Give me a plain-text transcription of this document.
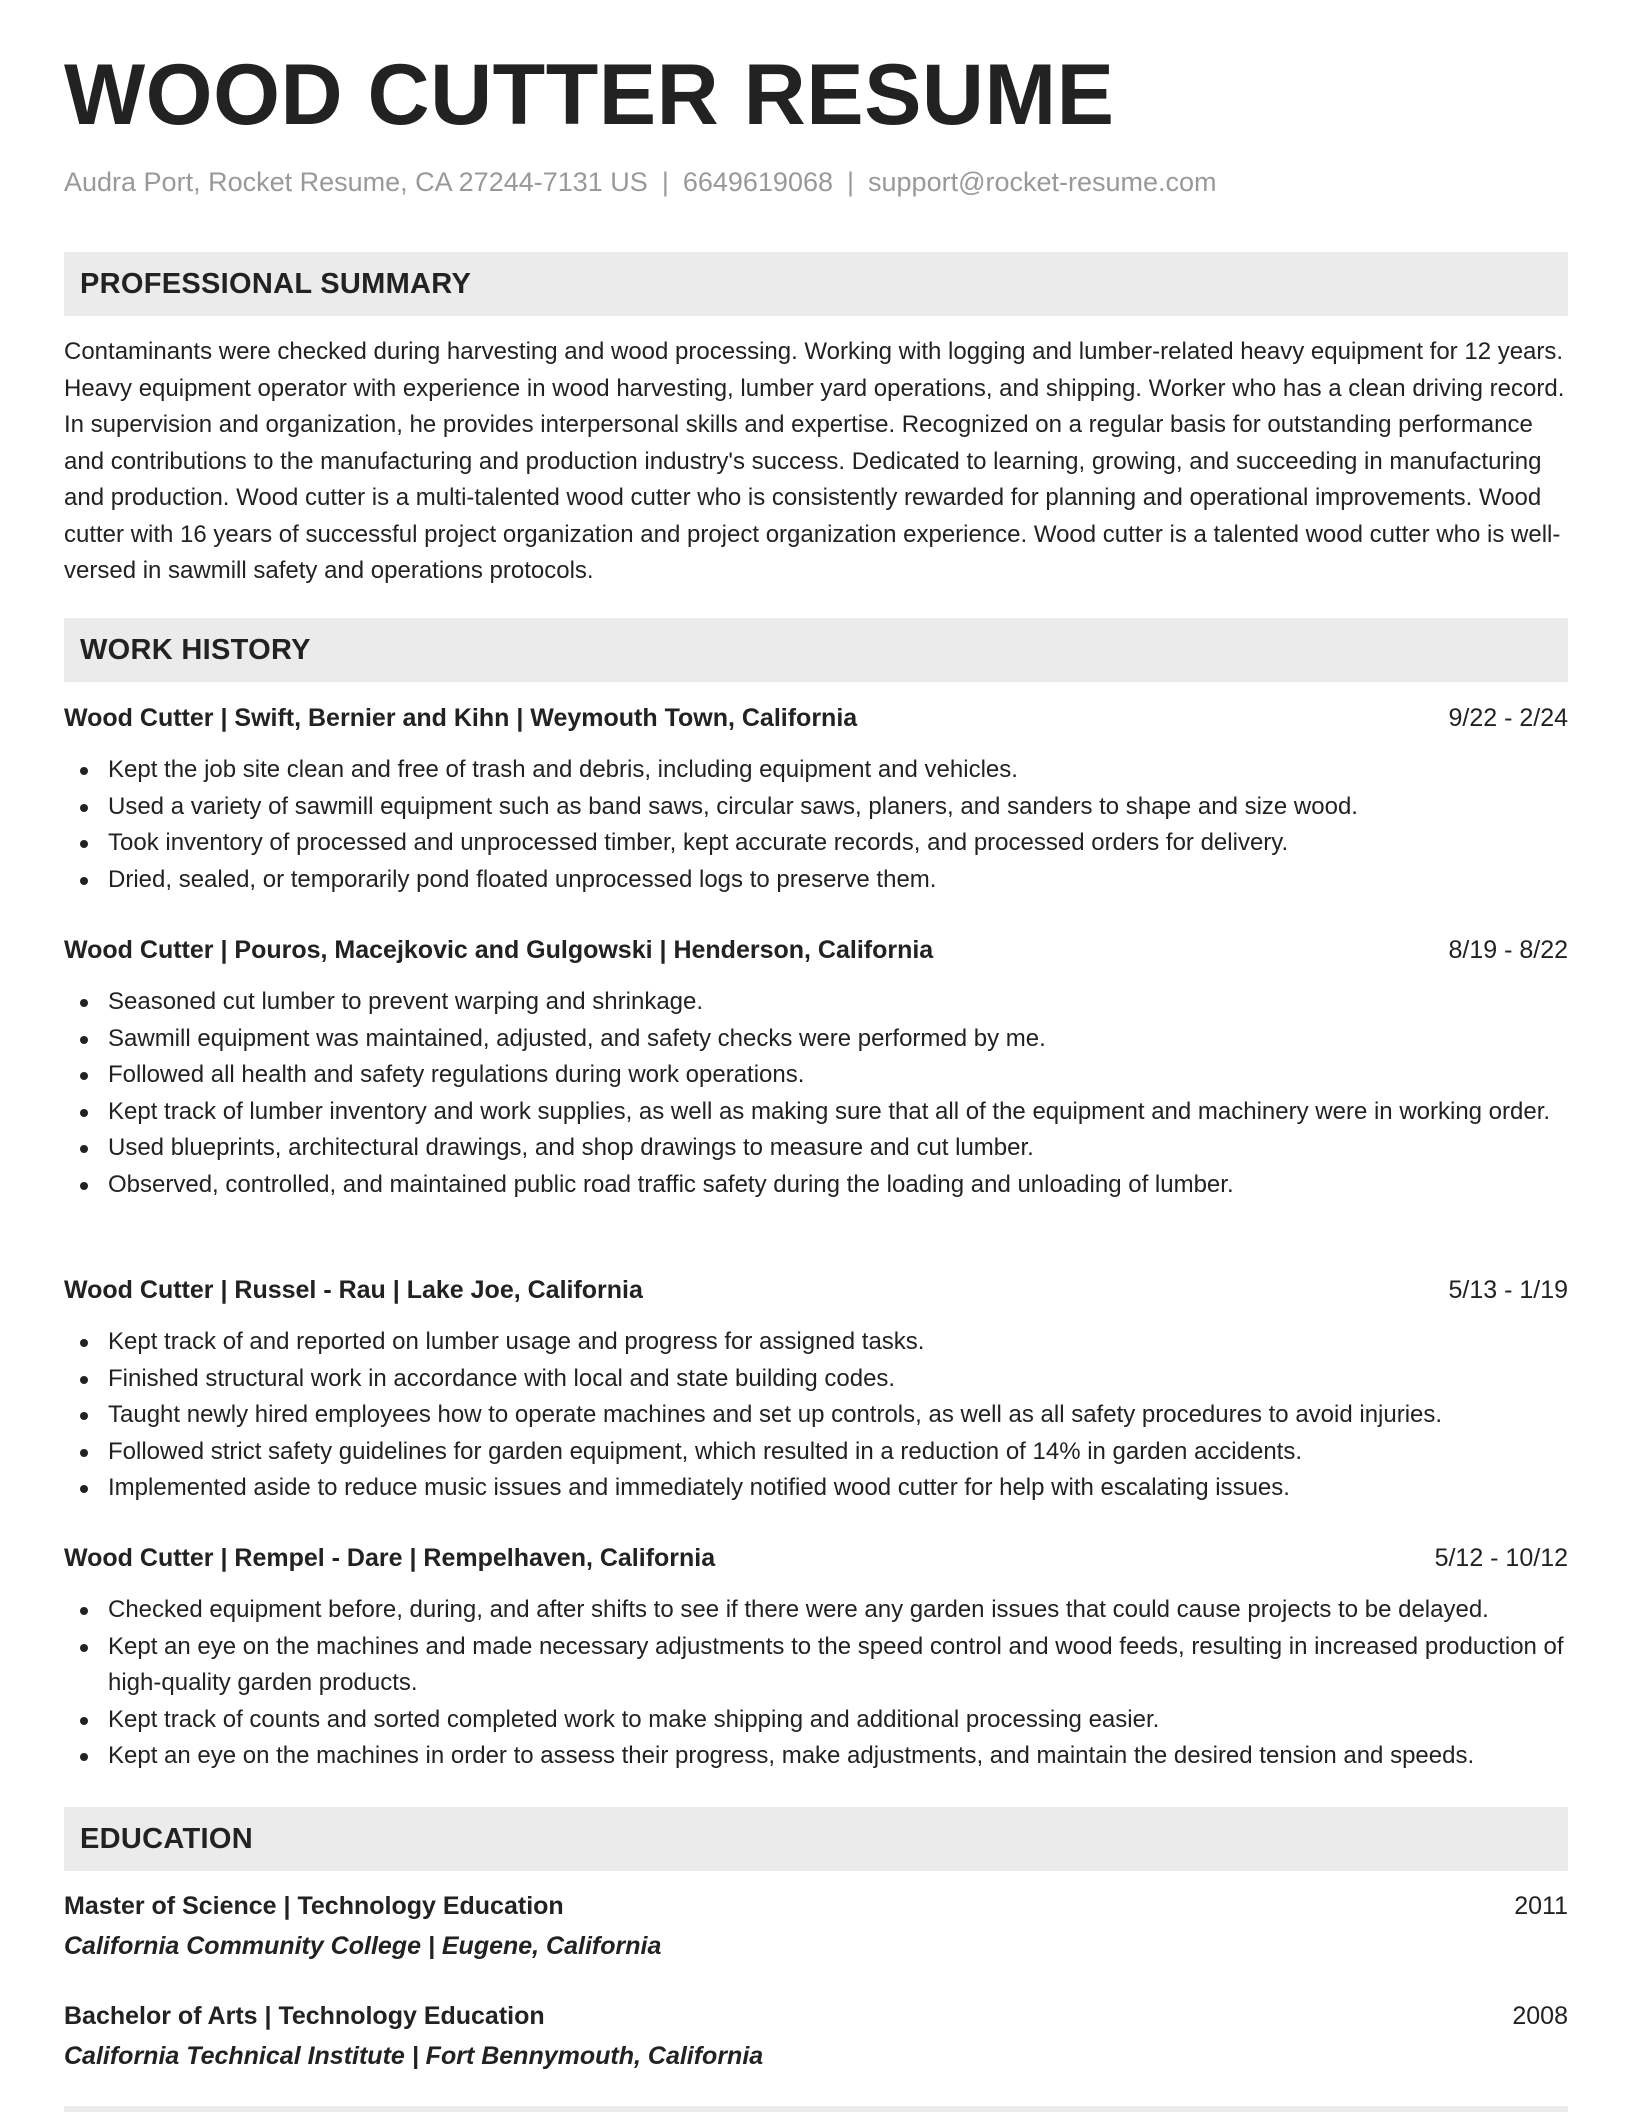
WOOD CUTTER RESUME
Audra Port, Rocket Resume, CA 27244-7131 US | 6649619068 | support@rocket-resume.com
PROFESSIONAL SUMMARY

Contaminants were checked during harvesting and wood processing. Working with logging and lumber-related heavy equipment for 12 years. Heavy equipment operator with experience in wood harvesting, lumber yard operations, and shipping. Worker who has a clean driving record. In supervision and organization, he provides interpersonal skills and expertise. Recognized on a regular basis for outstanding performance and contributions to the manufacturing and production industry's success. Dedicated to learning, growing, and succeeding in manufacturing and production. Wood cutter is a multi-talented wood cutter who is consistently rewarded for planning and operational improvements. Wood cutter with 16 years of successful project organization and project organization experience. Wood cutter is a talented wood cutter who is well-versed in sawmill safety and operations protocols.

WORK HISTORY
Wood Cutter | Swift, Bernier and Kihn | Weymouth Town, California	9/22 - 2/24
Kept the job site clean and free of trash and debris, including equipment and vehicles.
Used a variety of sawmill equipment such as band saws, circular saws, planers, and sanders to shape and size wood.
Took inventory of processed and unprocessed timber, kept accurate records, and processed orders for delivery.
Dried, sealed, or temporarily pond floated unprocessed logs to preserve them.
Wood Cutter | Pouros, Macejkovic and Gulgowski | Henderson, California	8/19 - 8/22
Seasoned cut lumber to prevent warping and shrinkage.
Sawmill equipment was maintained, adjusted, and safety checks were performed by me.
Followed all health and safety regulations during work operations.
Kept track of lumber inventory and work supplies, as well as making sure that all of the equipment and machinery were in working order.
Used blueprints, architectural drawings, and shop drawings to measure and cut lumber.
Observed, controlled, and maintained public road traffic safety during the loading and unloading of lumber.
Wood Cutter | Russel - Rau | Lake Joe, California	5/13 - 1/19
Kept track of and reported on lumber usage and progress for assigned tasks.
Finished structural work in accordance with local and state building codes.
Taught newly hired employees how to operate machines and set up controls, as well as all safety procedures to avoid injuries.
Followed strict safety guidelines for garden equipment, which resulted in a reduction of 14% in garden accidents.
Implemented aside to reduce music issues and immediately notified wood cutter for help with escalating issues.
Wood Cutter | Rempel - Dare | Rempelhaven, California	5/12 - 10/12
Checked equipment before, during, and after shifts to see if there were any garden issues that could cause projects to be delayed.
Kept an eye on the machines and made necessary adjustments to the speed control and wood feeds, resulting in increased production of high-quality garden products.
Kept track of counts and sorted completed work to make shipping and additional processing easier.
Kept an eye on the machines in order to assess their progress, make adjustments, and maintain the desired tension and speeds.
EDUCATION
Master of Science | Technology Education	2011
California Community College | Eugene, California
Bachelor of Arts | Technology Education	2008
California Technical Institute | Fort Bennymouth, California
